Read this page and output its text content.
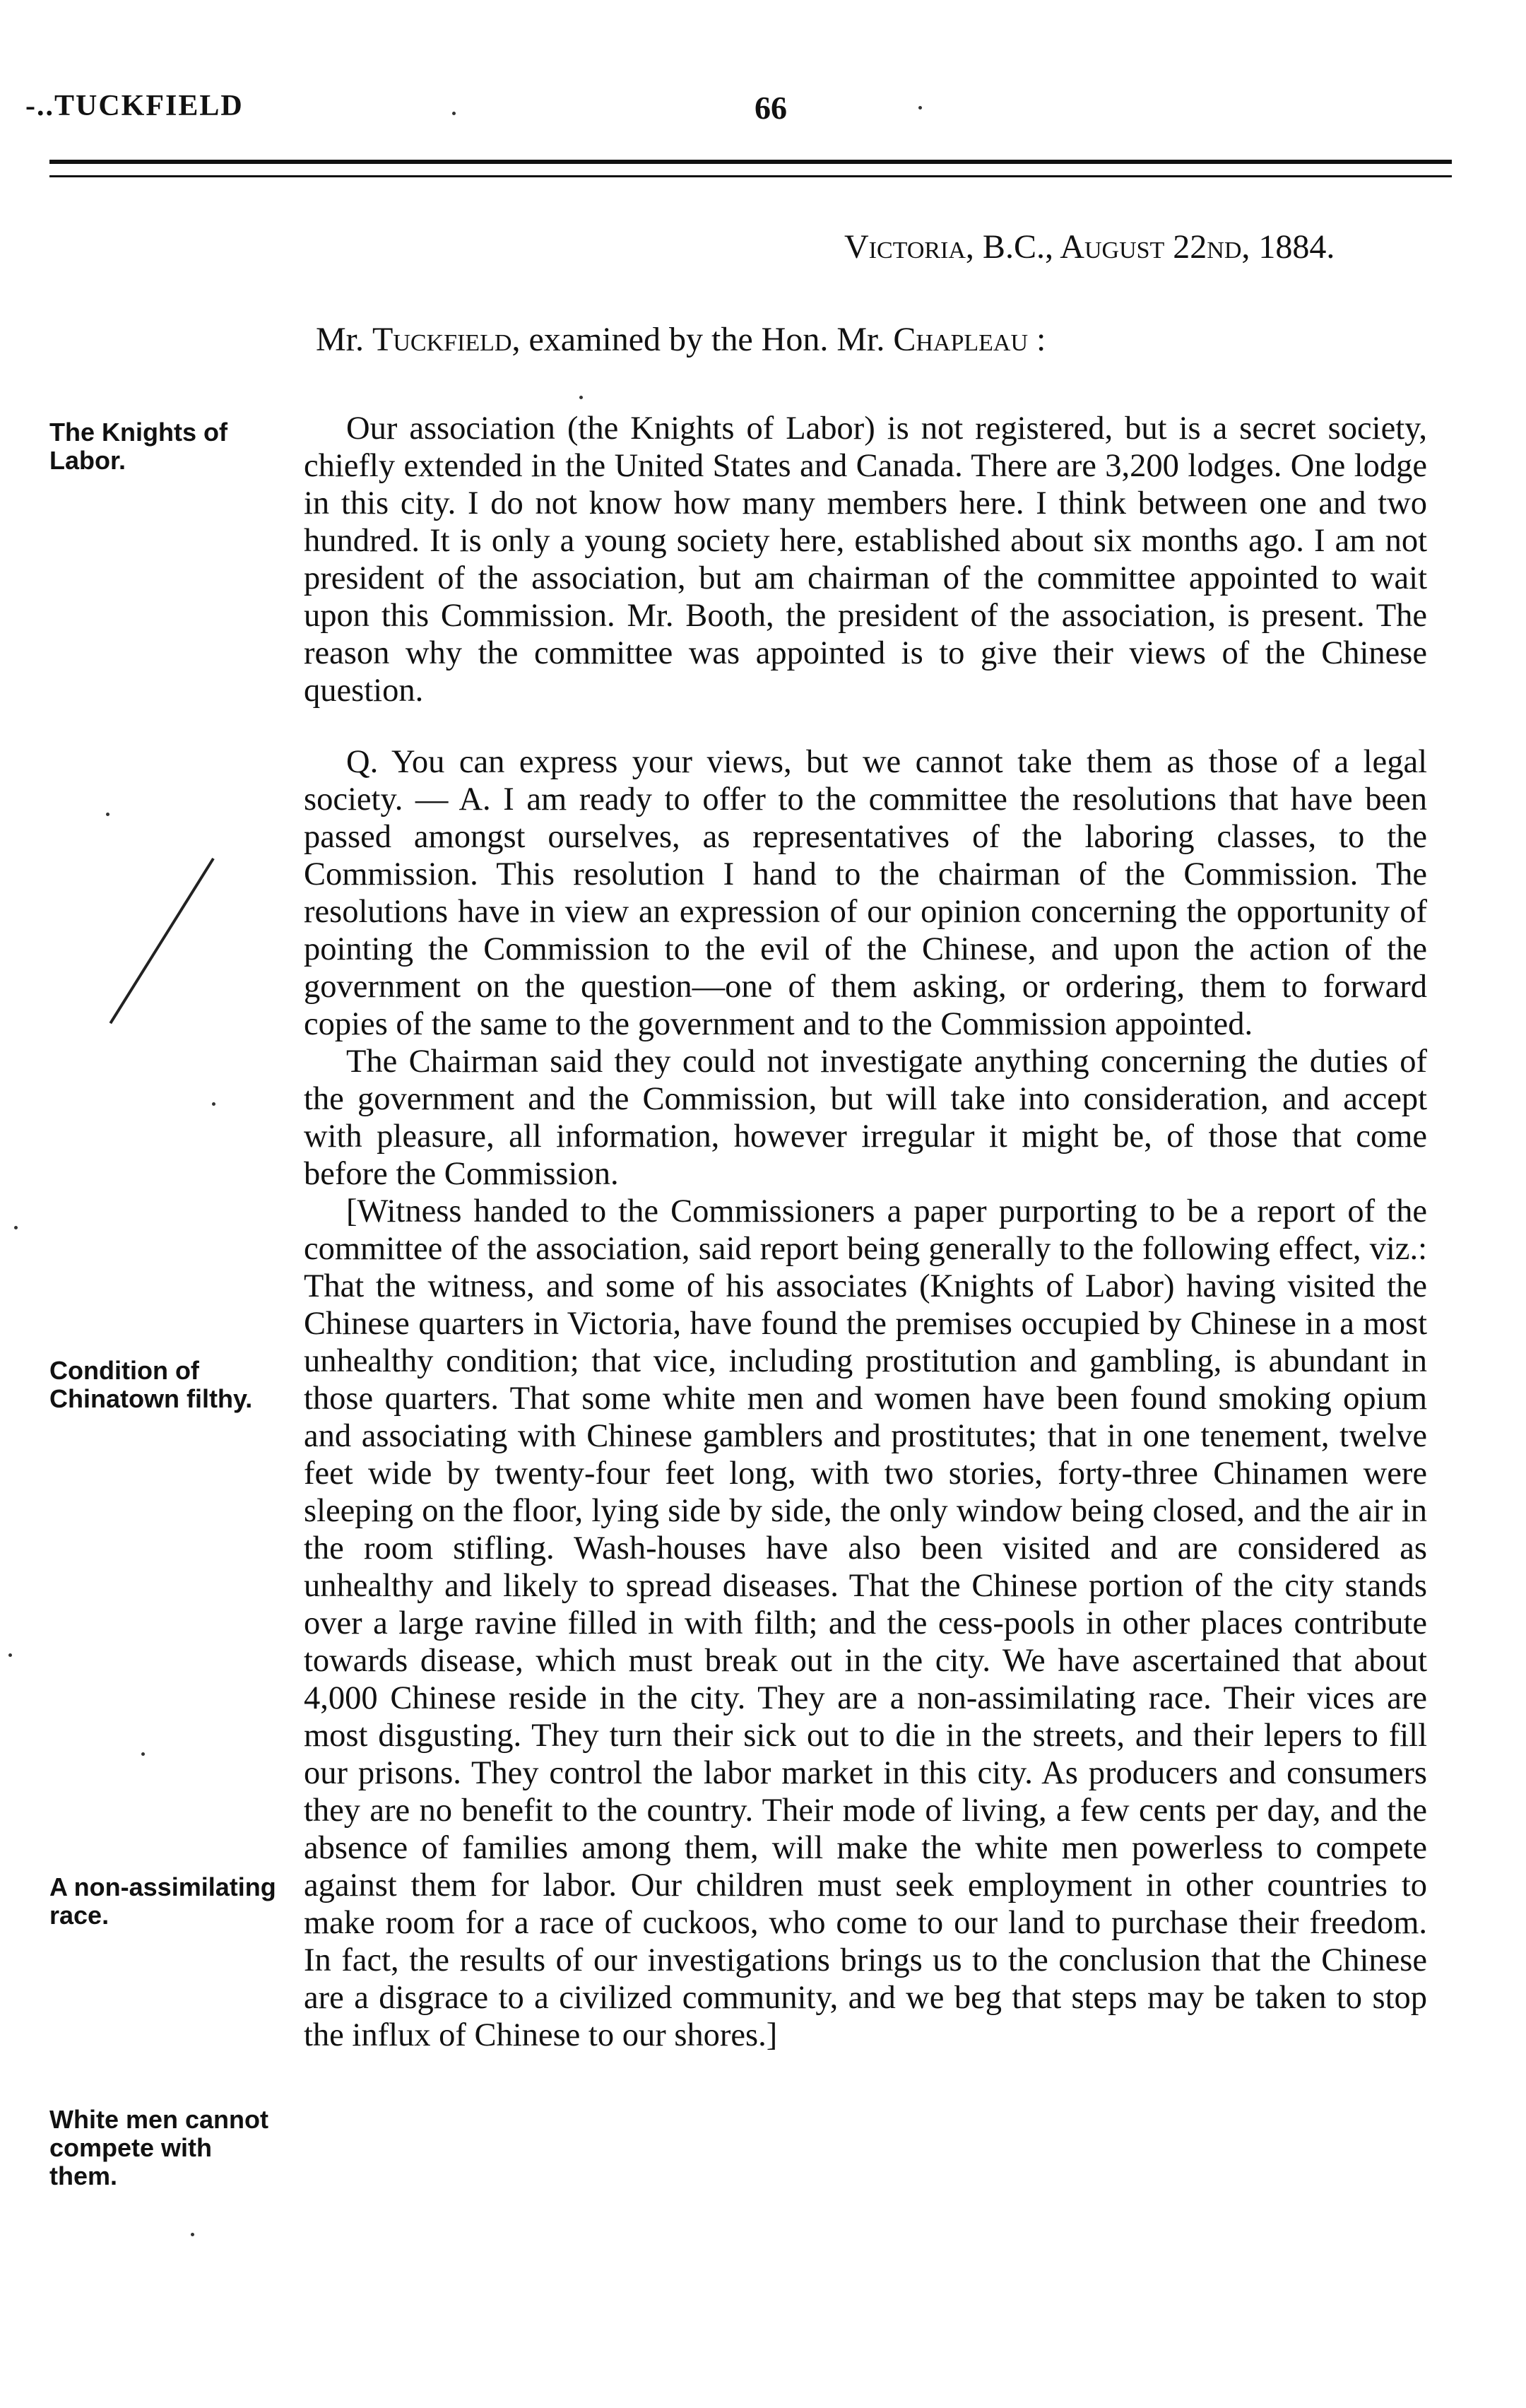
-..TUCKFIELD	66
Victoria, B.C., August 22nd, 1884.
Mr. Tuckfield, examined by the Hon. Mr. Chapleau :
The Knights of Labor.
Condition of Chinatown filthy.
A non-assimilating race.
White men cannot compete with them.

Our association (the Knights of Labor) is not registered, but is a secret society, chiefly extended in the United States and Canada. There are 3,200 lodges. One lodge in this city. I do not know how many members here. I think between one and two hundred. It is only a young society here, established about six months ago. I am not president of the association, but am chairman of the committee appointed to wait upon this Commission. Mr. Booth, the president of the association, is present. The reason why the committee was appointed is to give their views of the Chinese question.

Q. You can express your views, but we cannot take them as those of a legal society. — A. I am ready to offer to the committee the resolutions that have been passed amongst ourselves, as representatives of the laboring classes, to the Commission. This resolution I hand to the chairman of the Commission. The resolutions have in view an expression of our opinion concerning the opportunity of pointing the Commission to the evil of the Chinese, and upon the action of the government on the question—one of them asking, or ordering, them to forward copies of the same to the government and to the Commission appointed.

The Chairman said they could not investigate anything concerning the duties of the government and the Commission, but will take into consideration, and accept with pleasure, all information, however irregular it might be, of those that come before the Commission.

[Witness handed to the Commissioners a paper purporting to be a report of the committee of the association, said report being generally to the following effect, viz.: That the witness, and some of his associates (Knights of Labor) having visited the Chinese quarters in Victoria, have found the premises occupied by Chinese in a most unhealthy condition; that vice, including prostitution and gambling, is abundant in those quarters. That some white men and women have been found smoking opium and associating with Chinese gamblers and prostitutes; that in one tenement, twelve feet wide by twenty-four feet long, with two stories, forty-three Chinamen were sleeping on the floor, lying side by side, the only window being closed, and the air in the room stifling. Wash-houses have also been visited and are considered as unhealthy and likely to spread diseases. That the Chinese portion of the city stands over a large ravine filled in with filth; and the cess-pools in other places contribute towards disease, which must break out in the city. We have ascertained that about 4,000 Chinese reside in the city. They are a non-assimilating race. Their vices are most disgusting. They turn their sick out to die in the streets, and their lepers to fill our prisons. They control the labor market in this city. As producers and consumers they are no benefit to the country. Their mode of living, a few cents per day, and the absence of families among them, will make the white men powerless to compete against them for labor. Our children must seek employment in other countries to make room for a race of cuckoos, who come to our land to purchase their freedom. In fact, the results of our investigations brings us to the conclusion that the Chinese are a disgrace to a civilized community, and we beg that steps may be taken to stop the influx of Chinese to our shores.]
